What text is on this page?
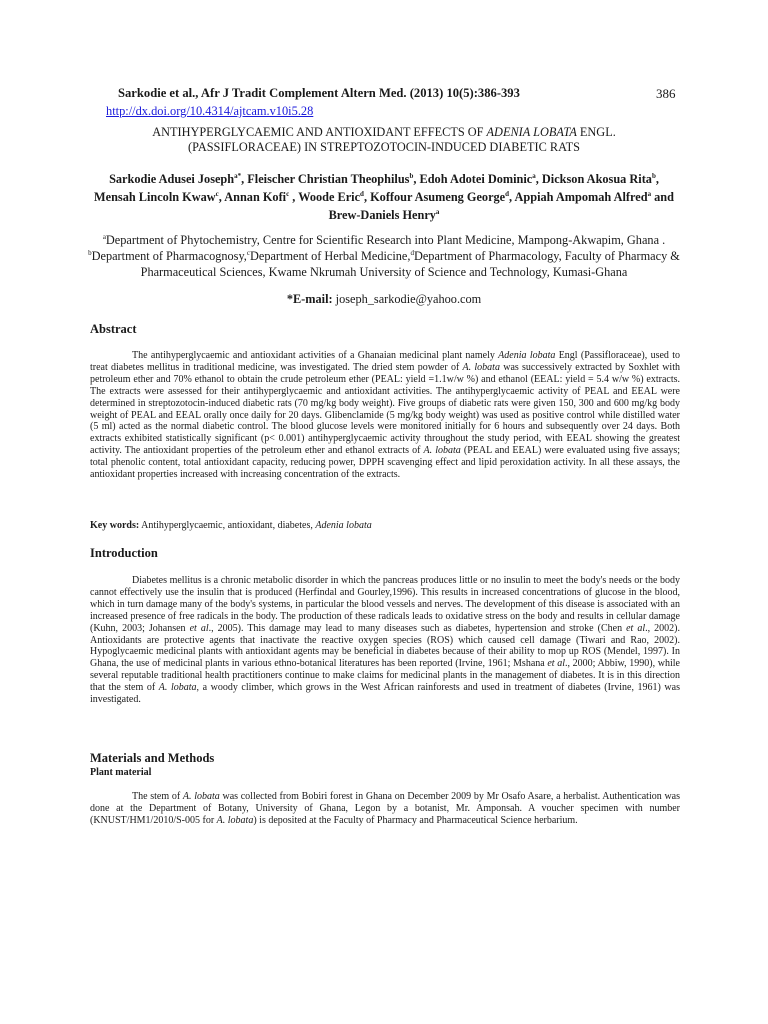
Sarkodie et al., Afr J Tradit Complement Altern Med. (2013) 10(5):386-393	386
http://dx.doi.org/10.4314/ajtcam.v10i5.28
ANTIHYPERGLYCAEMIC AND ANTIOXIDANT EFFECTS OF ADENIA LOBATA ENGL.
(PASSIFLORACEAE) IN STREPTOZOTOCIN-INDUCED DIABETIC RATS
Sarkodie Adusei Joseph$^{a*}$, Fleischer Christian Theophilus$^b$, Edoh Adotei Dominic$^a$, Dickson Akosua Rita$^b$, Mensah Lincoln Kwaw$^c$, Annan Kofi$^c$ , Woode Eric$^d$, Koffour Asumeng George$^d$, Appiah Ampomah Alfred$^a$ and Brew-Daniels Henry$^a$
$^a$Department of Phytochemistry, Centre for Scientific Research into Plant Medicine, Mampong-Akwapim, Ghana . $^b$Department of Pharmacognosy,$^c$Department of Herbal Medicine,$^d$Department of Pharmacology, Faculty of Pharmacy & Pharmaceutical Sciences, Kwame Nkrumah University of Science and Technology, Kumasi-Ghana
*E-mail: joseph_sarkodie@yahoo.com
Abstract
The antihyperglycaemic and antioxidant activities of a Ghanaian medicinal plant namely Adenia lobata Engl (Passifloraceae), used to treat diabetes mellitus in traditional medicine, was investigated. The dried stem powder of A. lobata was successively extracted by Soxhlet with petroleum ether and 70% ethanol to obtain the crude petroleum ether (PEAL: yield =1.1w/w %) and ethanol (EEAL: yield = 5.4 w/w %) extracts. The extracts were assessed for their antihyperglycaemic and antioxidant activities. The antihyperglycaemic activity of PEAL and EEAL were determined in streptozotocin-induced diabetic rats (70 mg/kg body weight). Five groups of diabetic rats were given 150, 300 and 600 mg/kg body weight of PEAL and EEAL orally once daily for 20 days. Glibenclamide (5 mg/kg body weight) was used as positive control while distilled water (5 ml) acted as the normal diabetic control. The blood glucose levels were monitored initially for 6 hours and subsequently over 24 days. Both extracts exhibited statistically significant (p< 0.001) antihyperglycaemic activity throughout the study period, with EEAL showing the greatest activity. The antioxidant properties of the petroleum ether and ethanol extracts of A. lobata (PEAL and EEAL) were evaluated using five assays; total phenolic content, total antioxidant capacity, reducing power, DPPH scavenging effect and lipid peroxidation activity. In all these assays, the antioxidant properties increased with increasing concentration of the extracts.
Key words: Antihyperglycaemic, antioxidant, diabetes, Adenia lobata
Introduction
Diabetes mellitus is a chronic metabolic disorder in which the pancreas produces little or no insulin to meet the body's needs or the body cannot effectively use the insulin that is produced (Herfindal and Gourley,1996). This results in increased concentrations of glucose in the blood, which in turn damage many of the body's systems, in particular the blood vessels and nerves. The development of this disease is associated with an increased presence of free radicals in the body. The production of these radicals leads to oxidative stress on the body and results in cellular damage (Kuhn, 2003; Johansen et al., 2005). This damage may lead to many diseases such as diabetes, hypertension and stroke (Chen et al., 2002). Antioxidants are protective agents that inactivate the reactive oxygen species (ROS) which caused cell damage (Tiwari and Rao, 2002). Hypoglycaemic medicinal plants with antioxidant agents may be beneficial in diabetes because of their ability to mop up ROS (Mendel, 1997). In Ghana, the use of medicinal plants in various ethno-botanical literatures has been reported (Irvine, 1961; Mshana et al., 2000; Abbiw, 1990), while several reputable traditional health practitioners continue to make claims for medicinal plants in the management of diabetes. It is in this direction that the stem of A. lobata, a woody climber, which grows in the West African rainforests and used in treatment of diabetes (Irvine, 1961) was investigated.
Materials and Methods
Plant material
The stem of A. lobata was collected from Bobiri forest in Ghana on December 2009 by Mr Osafo Asare, a herbalist. Authentication was done at the Department of Botany, University of Ghana, Legon by a botanist, Mr. Amponsah. A voucher specimen with number (KNUST/HM1/2010/S-005 for A. lobata) is deposited at the Faculty of Pharmacy and Pharmaceutical Science herbarium.
